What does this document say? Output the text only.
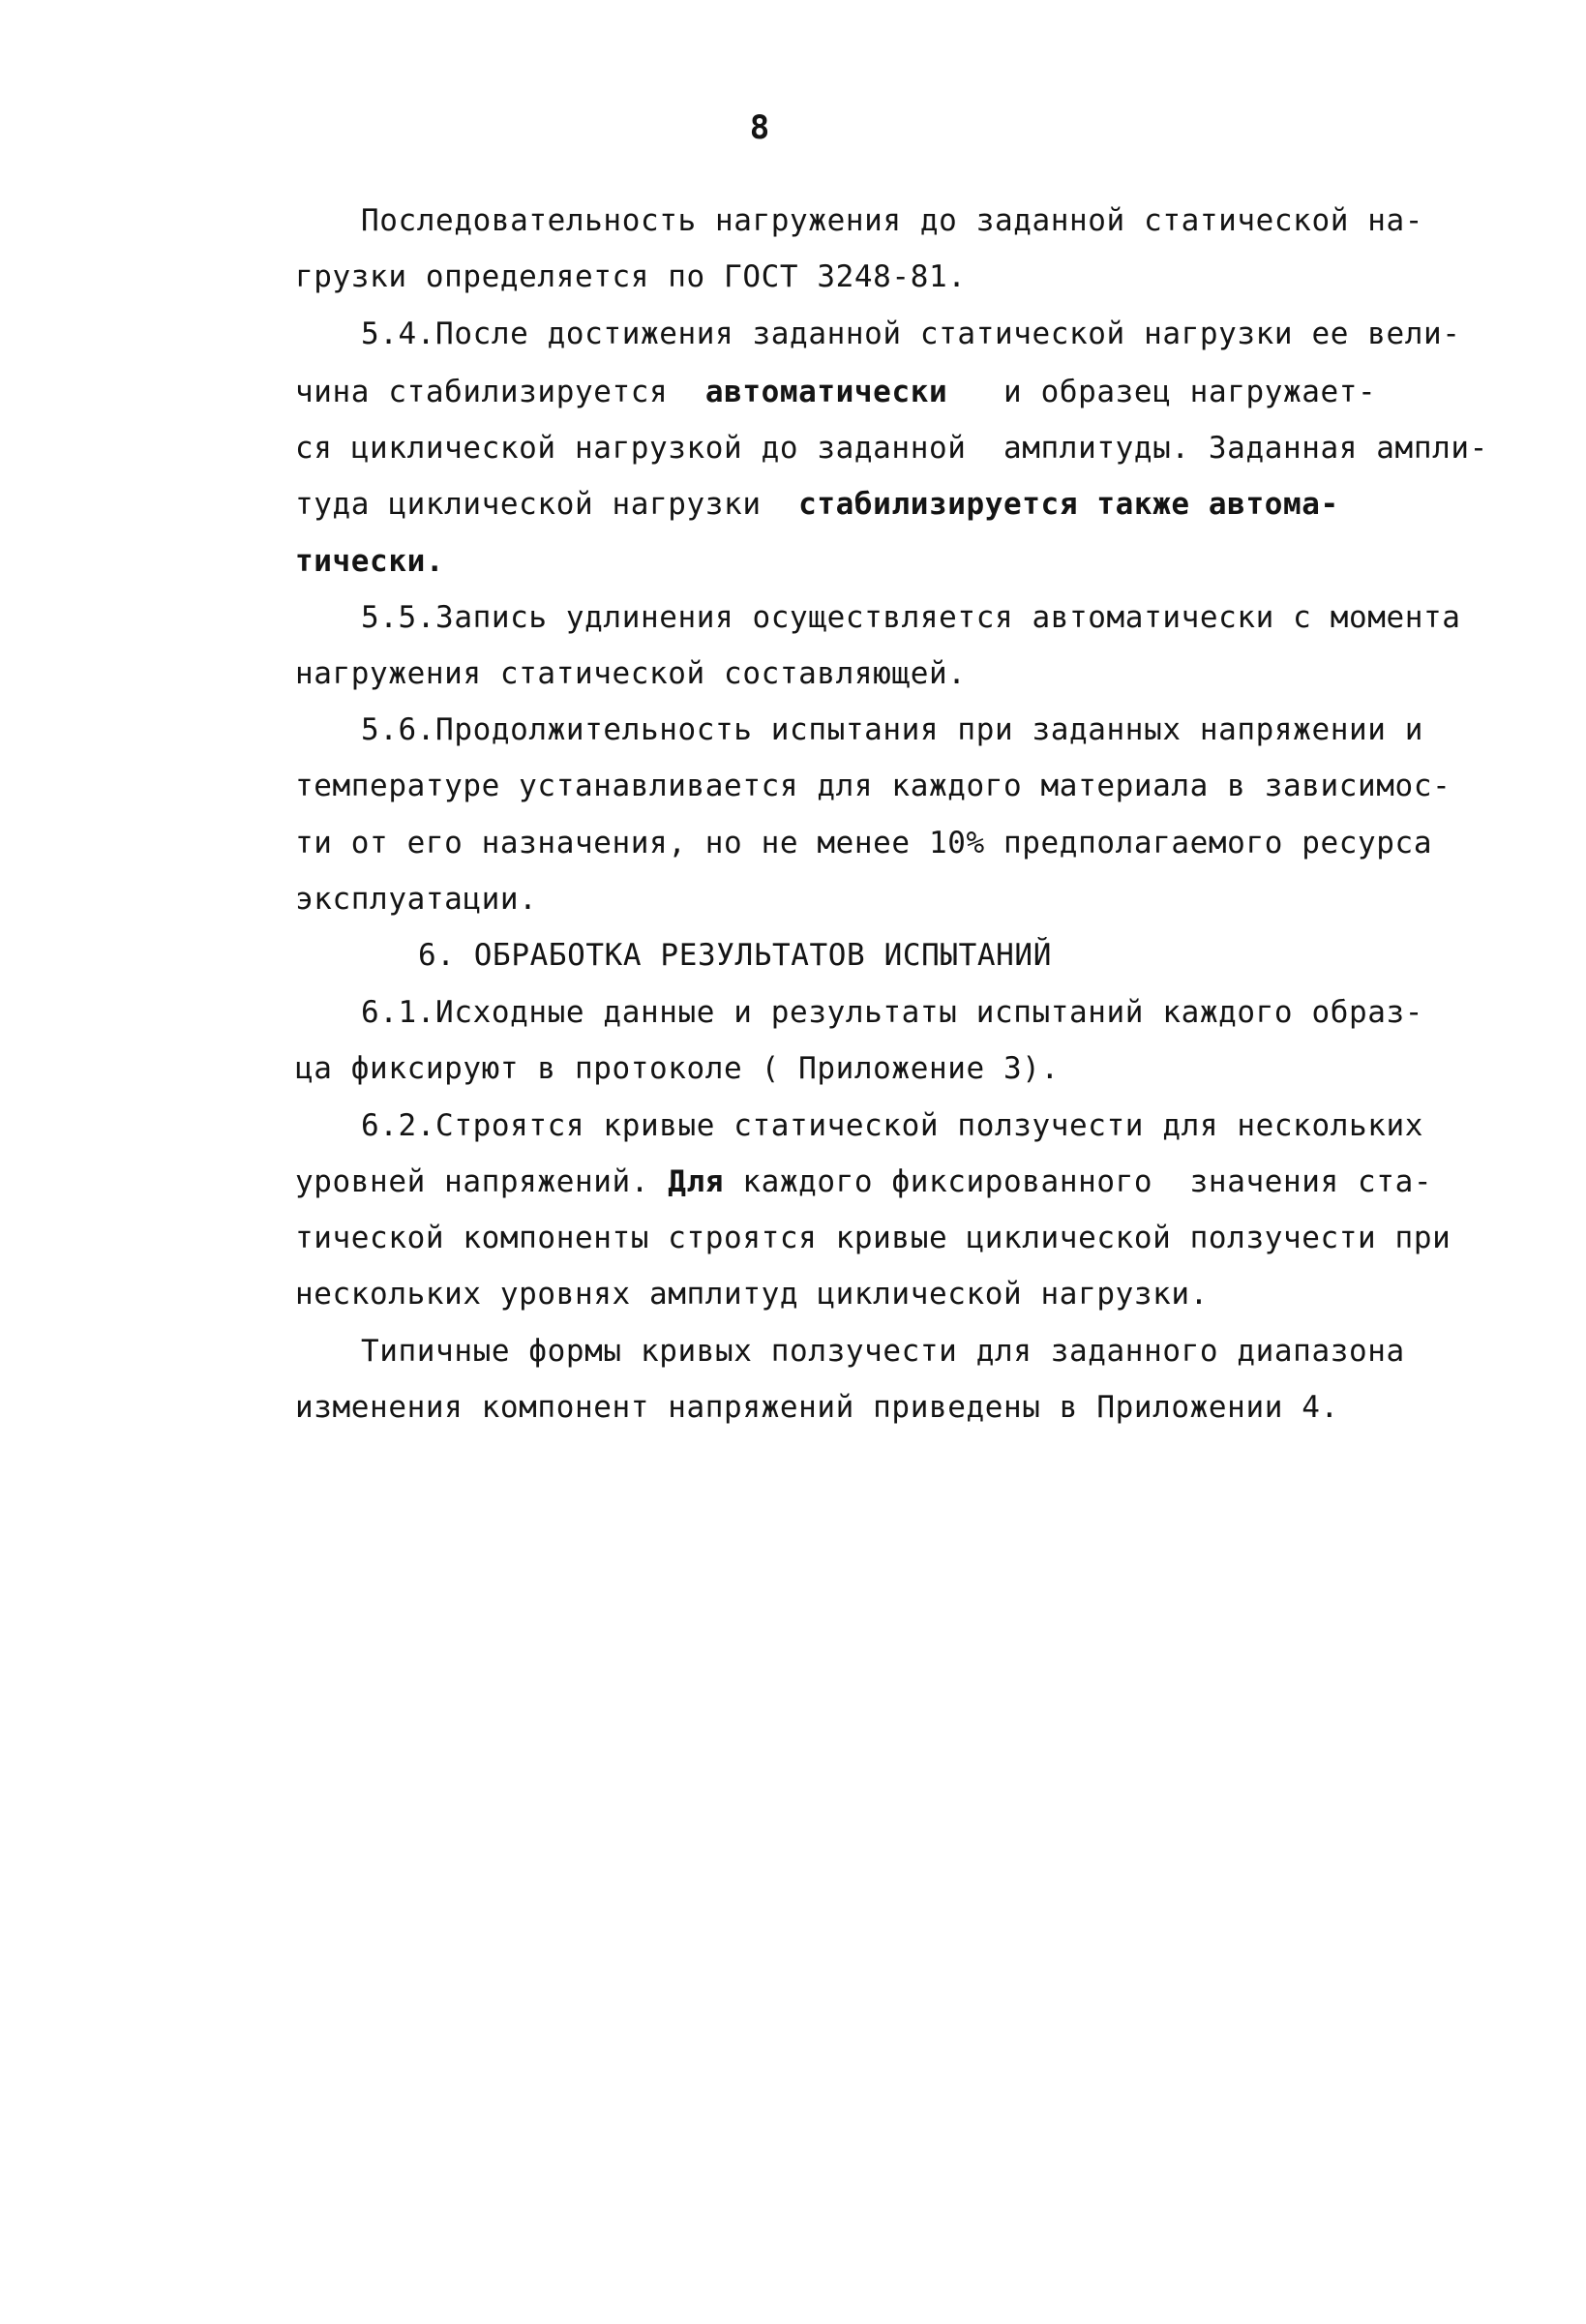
8
Последовательность нагружения до заданной статической на-
грузки определяется по ГОСТ 3248-81.
5.4.После достижения заданной статической нагрузки ее вели-
чина стабилизируется  автоматически   и образец нагружает-
ся циклической нагрузкой до заданной  амплитуды. Заданная ампли-
туда циклической нагрузки  стабилизируется также автома-
тически.
5.5.Запись удлинения осуществляется автоматически с момента
нагружения статической составляющей.
5.6.Продолжительность испытания при заданных напряжении и
температуре устанавливается для каждого материала в зависимос-
ти от его назначения, но не менее 10% предполагаемого ресурса
эксплуатации.
6. ОБРАБОТКА РЕЗУЛЬТАТОВ ИСПЫТАНИЙ
6.1.Исходные данные и результаты испытаний каждого образ-
ца фиксируют в протоколе ( Приложение 3).
6.2.Строятся кривые статической ползучести для нескольких
уровней напряжений. Для каждого фиксированного  значения ста-
тической компоненты строятся кривые циклической ползучести при
нескольких уровнях амплитуд циклической нагрузки.
Типичные формы кривых ползучести для заданного диапазона
изменения компонент напряжений приведены в Приложении 4.
